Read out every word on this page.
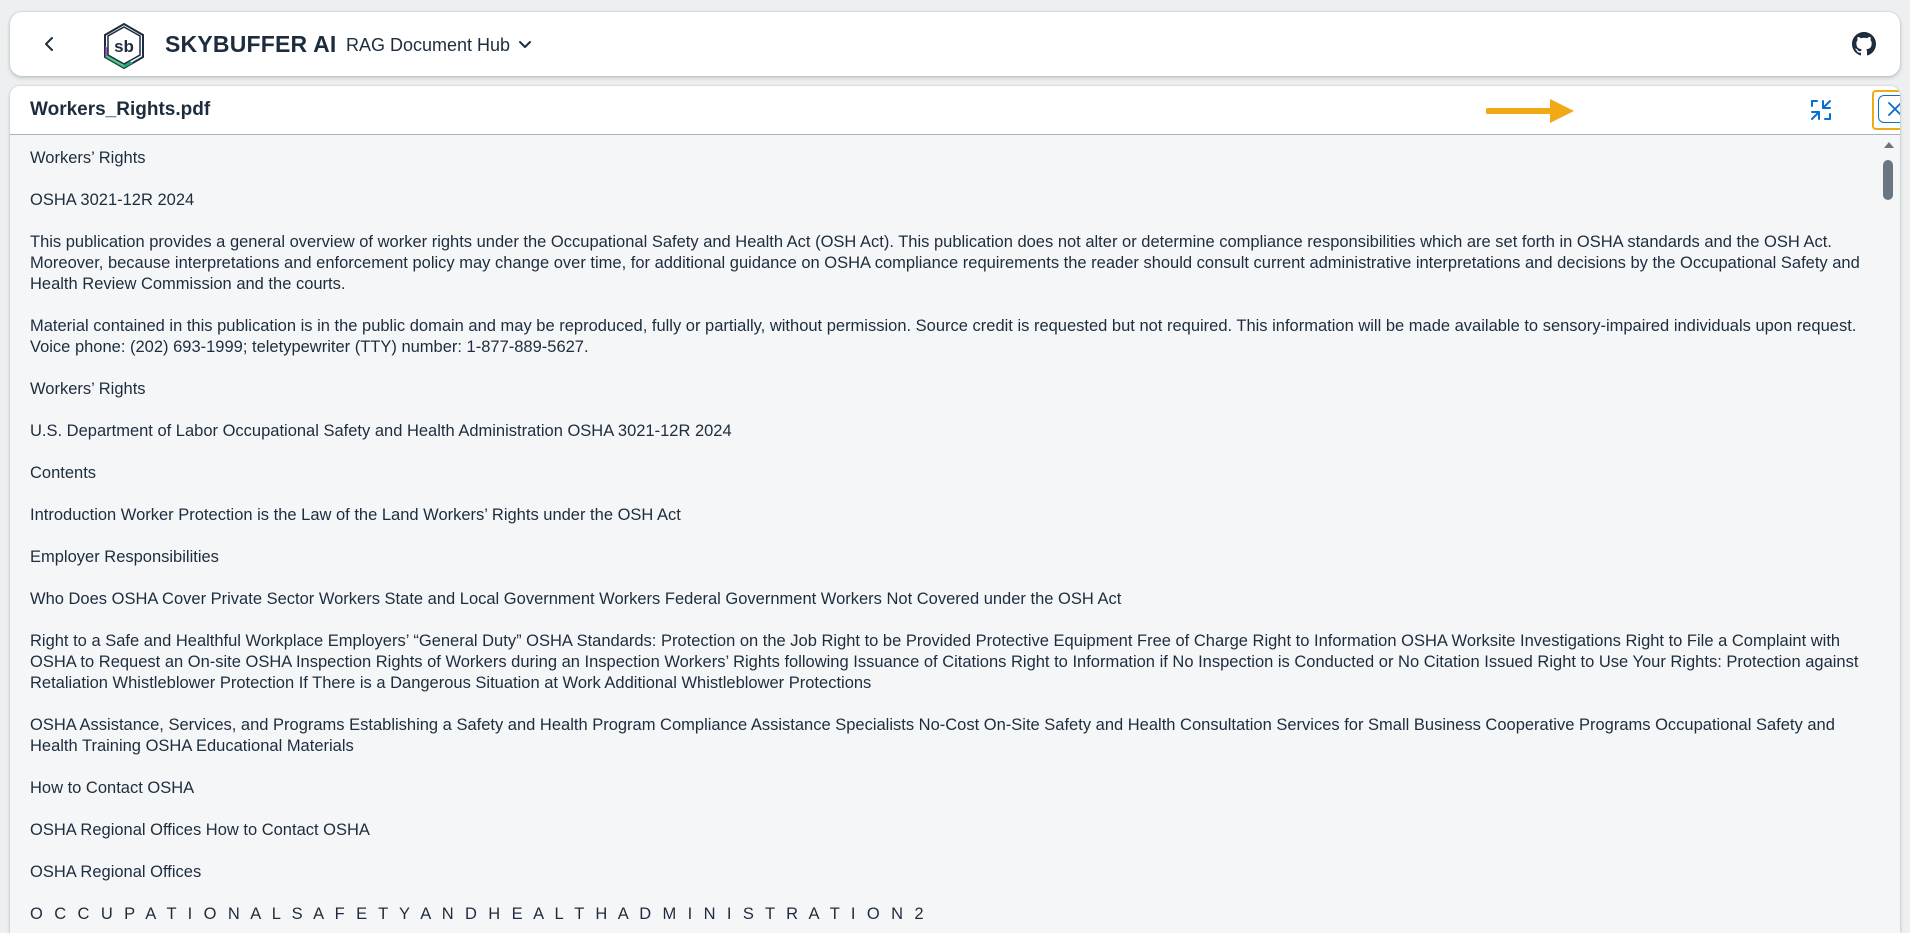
sb SKYBUFFER AI RAG Document Hub
Workers_Rights.pdf

Workers’ Rights

OSHA 3021-12R 2024

This publication provides a general overview of worker rights under the Occupational Safety and Health Act (OSH Act). This publication does not alter or determine compliance responsibilities which are set forth in OSHA standards and the OSH Act. Moreover, because interpretations and enforcement policy may change over time, for additional guidance on OSHA compliance requirements the reader should consult current administrative interpretations and decisions by the Occupational Safety and Health Review Commission and the courts.

Material contained in this publication is in the public domain and may be reproduced, fully or partially, without permission. Source credit is requested but not required. This information will be made available to sensory-impaired individuals upon request. Voice phone: (202) 693-1999; teletypewriter (TTY) number: 1-877-889-5627.

Workers’ Rights

U.S. Department of Labor Occupational Safety and Health Administration OSHA 3021-12R 2024

Contents

Introduction Worker Protection is the Law of the Land Workers’ Rights under the OSH Act

Employer Responsibilities

Who Does OSHA Cover Private Sector Workers State and Local Government Workers Federal Government Workers Not Covered under the OSH Act

Right to a Safe and Healthful Workplace Employers’ “General Duty” OSHA Standards: Protection on the Job Right to be Provided Protective Equipment Free of Charge Right to Information OSHA Worksite Investigations Right to File a Complaint with OSHA to Request an On-site OSHA Inspection Rights of Workers during an Inspection Workers’ Rights following Issuance of Citations Right to Information if No Inspection is Conducted or No Citation Issued Right to Use Your Rights: Protection against Retaliation Whistleblower Protection If There is a Dangerous Situation at Work Additional Whistleblower Protections

OSHA Assistance, Services, and Programs Establishing a Safety and Health Program Compliance Assistance Specialists No-Cost On-Site Safety and Health Consultation Services for Small Business Cooperative Programs Occupational Safety and Health Training OSHA Educational Materials

How to Contact OSHA

OSHA Regional Offices How to Contact OSHA

OSHA Regional Offices

O C C U P A T I O N A L S A F E T Y A N D H E A L T H A D M I N I S T R A T I O N 2
